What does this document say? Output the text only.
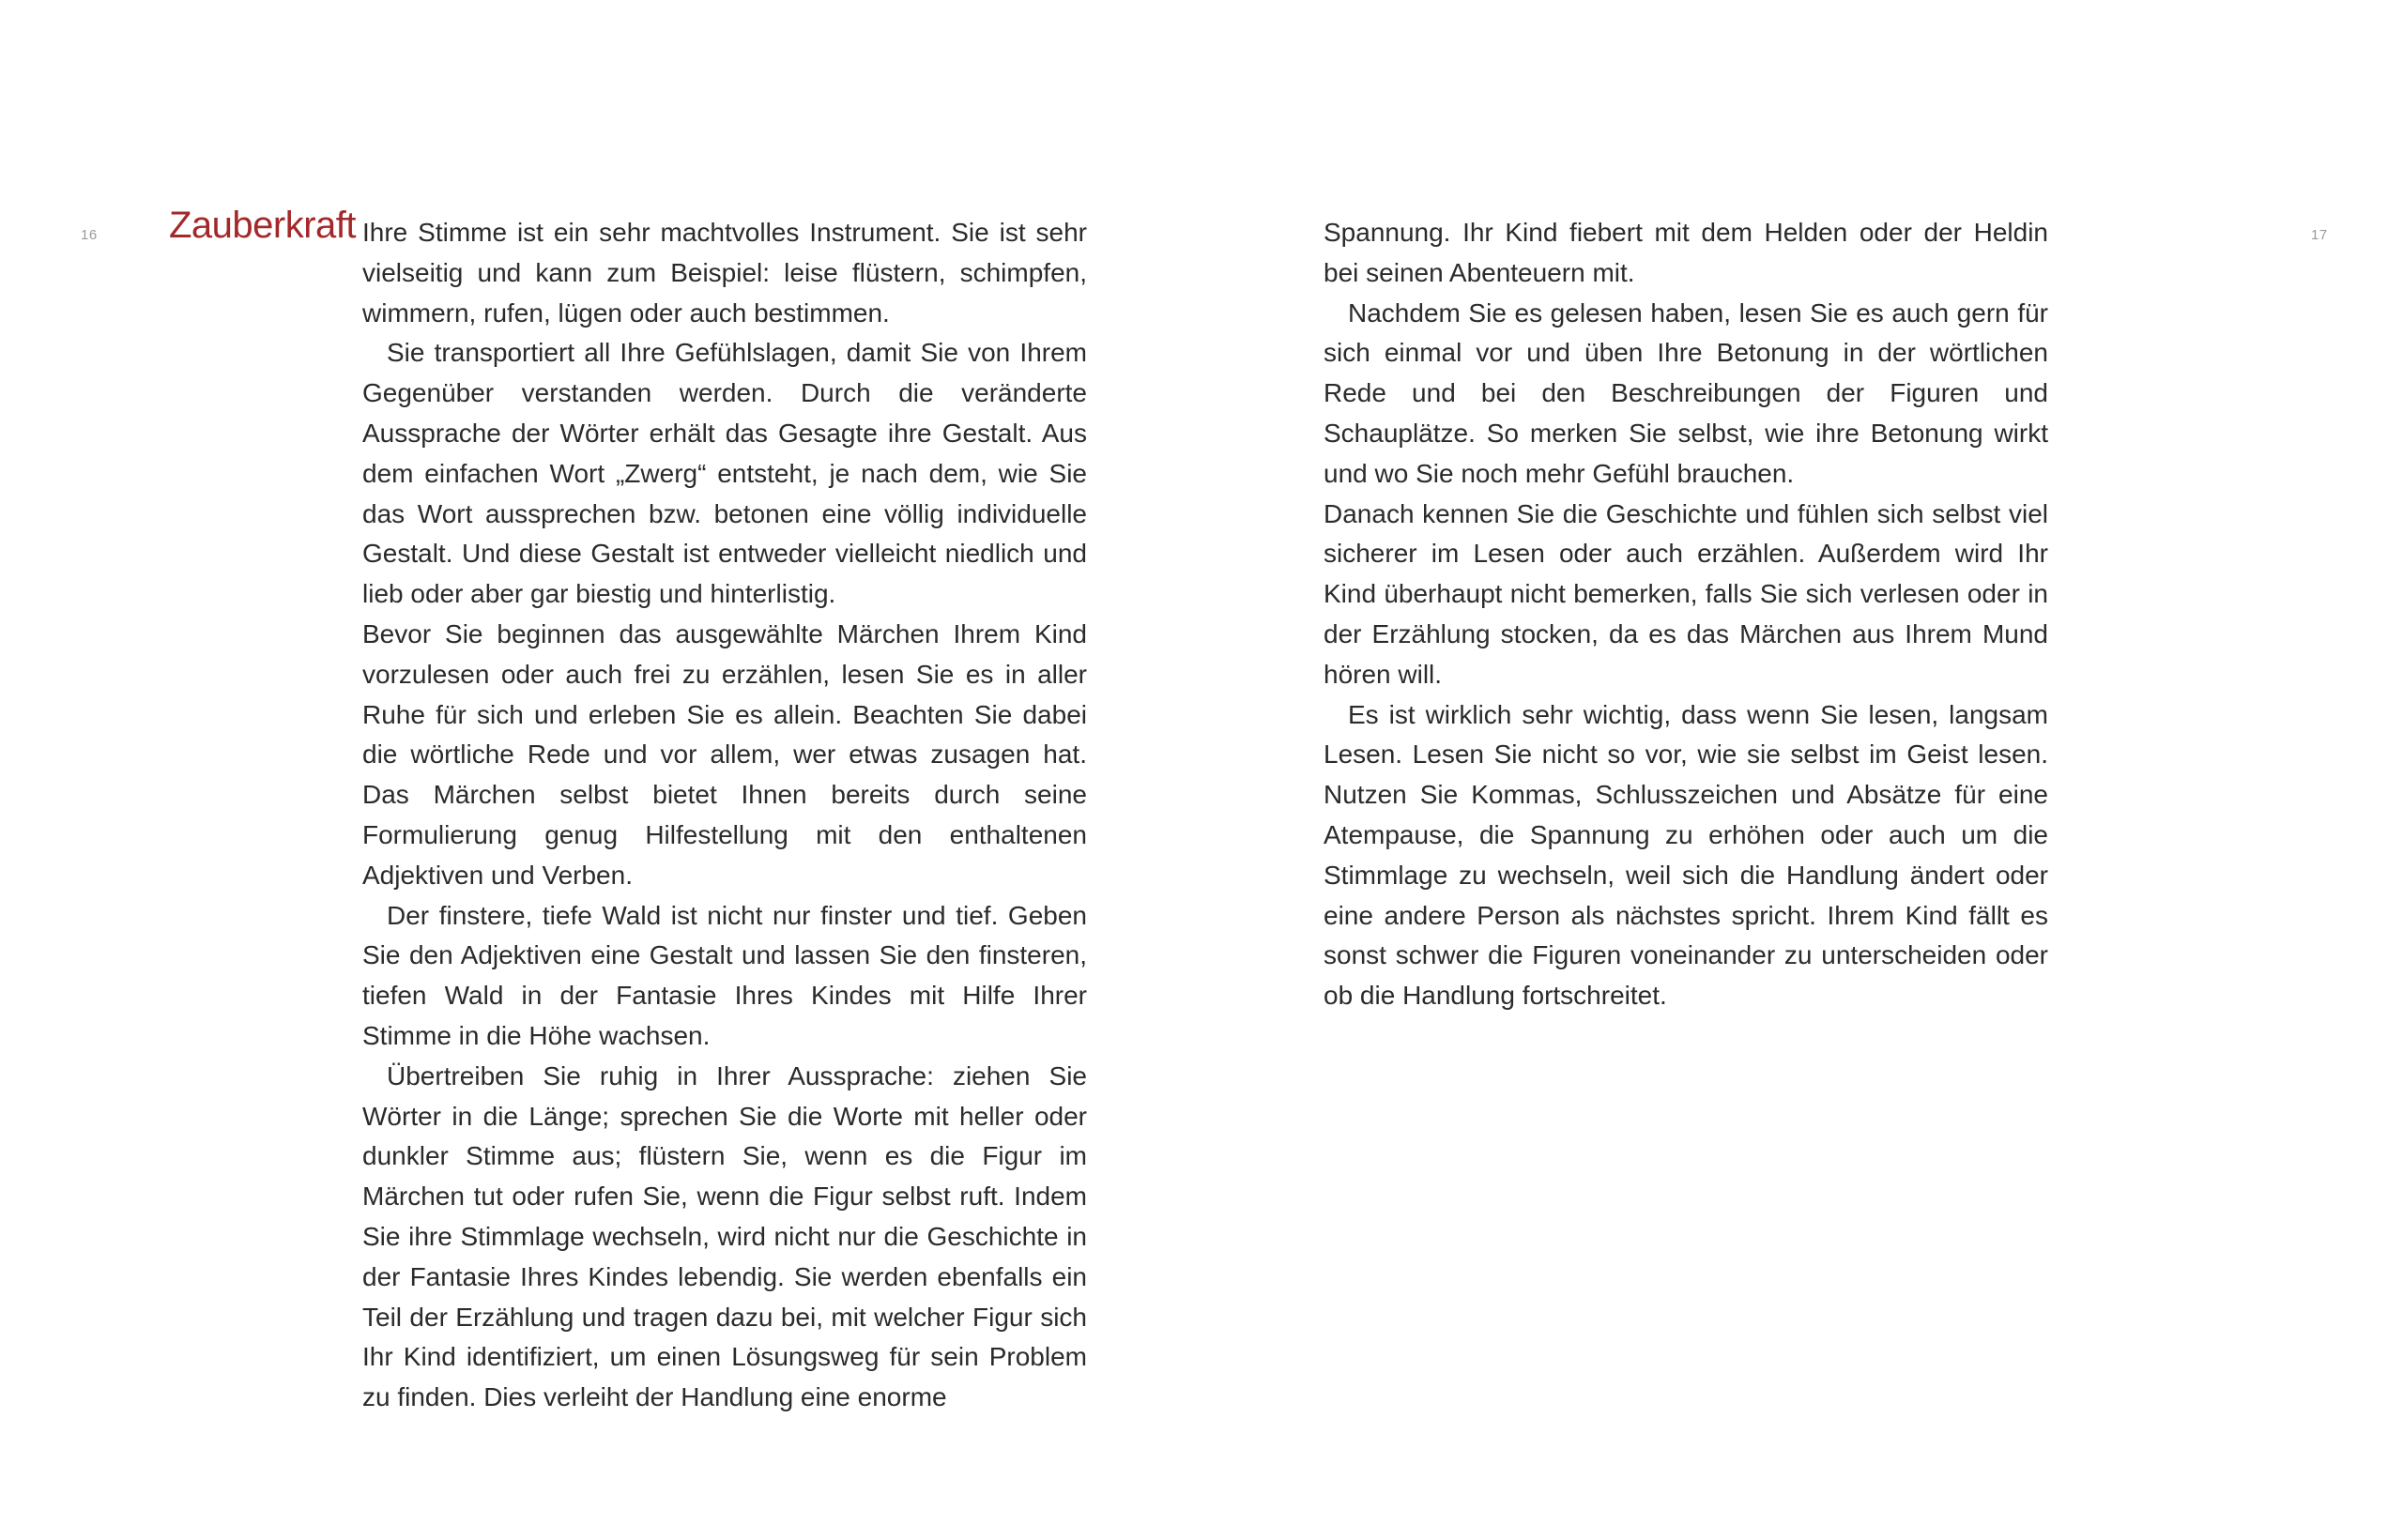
16	17
Zauberkraft Ihre Stimme ist ein sehr machtvolles Instrument. Sie ist sehr vielseitig und kann zum Beispiel: leise flüstern, schimpfen, wimmern, rufen, lügen oder auch bestimmen.

Sie transportiert all Ihre Gefühlslagen, damit Sie von Ihrem Gegenüber verstanden werden. Durch die veränderte Aussprache der Wörter erhält das Gesagte ihre Gestalt. Aus dem einfachen Wort „Zwerg“ entsteht, je nach dem, wie Sie das Wort aussprechen bzw. betonen eine völlig individuelle Gestalt. Und diese Gestalt ist entweder vielleicht niedlich und lieb oder aber gar biestig und hinterlistig.

Bevor Sie beginnen das ausgewählte Märchen Ihrem Kind vorzulesen oder auch frei zu erzählen, lesen Sie es in aller Ruhe für sich und erleben Sie es allein. Beachten Sie dabei die wörtliche Rede und vor allem, wer etwas zusagen hat. Das Märchen selbst bietet Ihnen bereits durch seine Formulierung genug Hilfestellung mit den enthaltenen Adjektiven und Verben.

Der finstere, tiefe Wald ist nicht nur finster und tief. Geben Sie den Adjektiven eine Gestalt und lassen Sie den finsteren, tiefen Wald in der Fantasie Ihres Kindes mit Hilfe Ihrer Stimme in die Höhe wachsen.

Übertreiben Sie ruhig in Ihrer Aussprache: ziehen Sie Wörter in die Länge; sprechen Sie die Worte mit heller oder dunkler Stimme aus; flüstern Sie, wenn es die Figur im Märchen tut oder rufen Sie, wenn die Figur selbst ruft. Indem Sie ihre Stimmlage wechseln, wird nicht nur die Geschichte in der Fantasie Ihres Kindes lebendig. Sie werden ebenfalls ein Teil der Erzählung und tragen dazu bei, mit welcher Figur sich Ihr Kind identifiziert, um einen Lösungsweg für sein Problem zu finden. Dies verleiht der Handlung eine enorme

Spannung. Ihr Kind fiebert mit dem Helden oder der Heldin bei seinen Abenteuern mit.

Nachdem Sie es gelesen haben, lesen Sie es auch gern für sich einmal vor und üben Ihre Betonung in der wörtlichen Rede und bei den Beschreibungen der Figuren und Schauplätze. So merken Sie selbst, wie ihre Betonung wirkt und wo Sie noch mehr Gefühl brauchen.

Danach kennen Sie die Geschichte und fühlen sich selbst viel sicherer im Lesen oder auch erzählen. Außerdem wird Ihr Kind überhaupt nicht bemerken, falls Sie sich verlesen oder in der Erzählung stocken, da es das Märchen aus Ihrem Mund hören will.

Es ist wirklich sehr wichtig, dass wenn Sie lesen, langsam Lesen. Lesen Sie nicht so vor, wie sie selbst im Geist lesen. Nutzen Sie Kommas, Schlusszeichen und Absätze für eine Atempause, die Spannung zu erhöhen oder auch um die Stimmlage zu wechseln, weil sich die Handlung ändert oder eine andere Person als nächstes spricht. Ihrem Kind fällt es sonst schwer die Figuren voneinander zu unterscheiden oder ob die Handlung fortschreitet.
